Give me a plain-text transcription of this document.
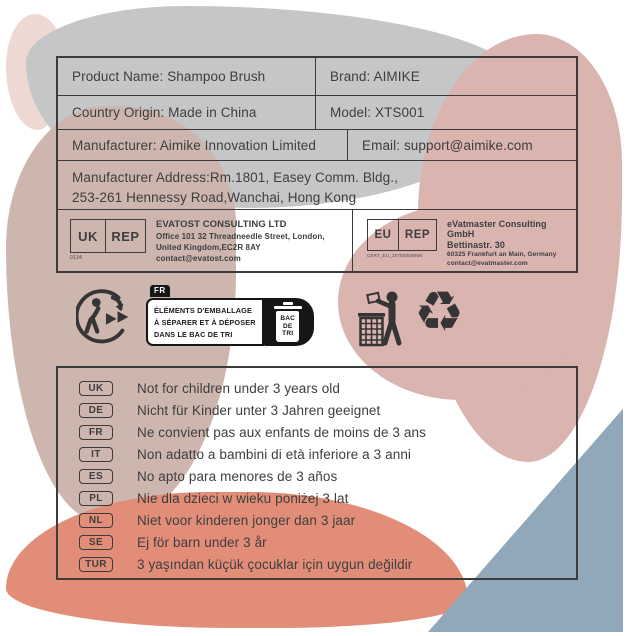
Product Name: Shampoo Brush	Brand: AIMIKE
Country Origin: Made in China	Model: XTS001
Manufacturer: Aimike Innovation Limited	Email: support@aimike.com
Manufacturer Address:Rm.1801, Easey Comm. Bldg.,
253-261 Hennessy Road,Wanchai, Hong Kong
UK	REP
0134
EVATOST CONSULTING LTD
Office 101 32 Threadneedle Street, London,
United Kingdom,EC2R 8AY
contact@evatost.com
EU	REP
CERT_EU_3076035886N
eVatmaster Consulting GmbH
Bettinastr. 30
60325 Frankfurt an Main, Germany
contact@evatmaster.com
FR
ÉLÉMENTS D'EMBALLAGE
À SÉPARER ET À DÉPOSER
DANS LE BAC DE TRI
BAC
DE
TRI ♻
UK	Not for children under 3 years old
DE	Nicht für Kinder unter 3 Jahren geeignet
FR	Ne convient pas aux enfants de moins de 3 ans
IT	Non adatto a bambini di età inferiore a 3 anni
ES	No apto para menores de 3 años
PL	Nie dla dzieci w wieku poniżej 3 lat
NL	Niet voor kinderen jonger dan 3 jaar
SE	Ej för barn under 3 år
TUR	3 yaşından küçük çocuklar için uygun değildir
